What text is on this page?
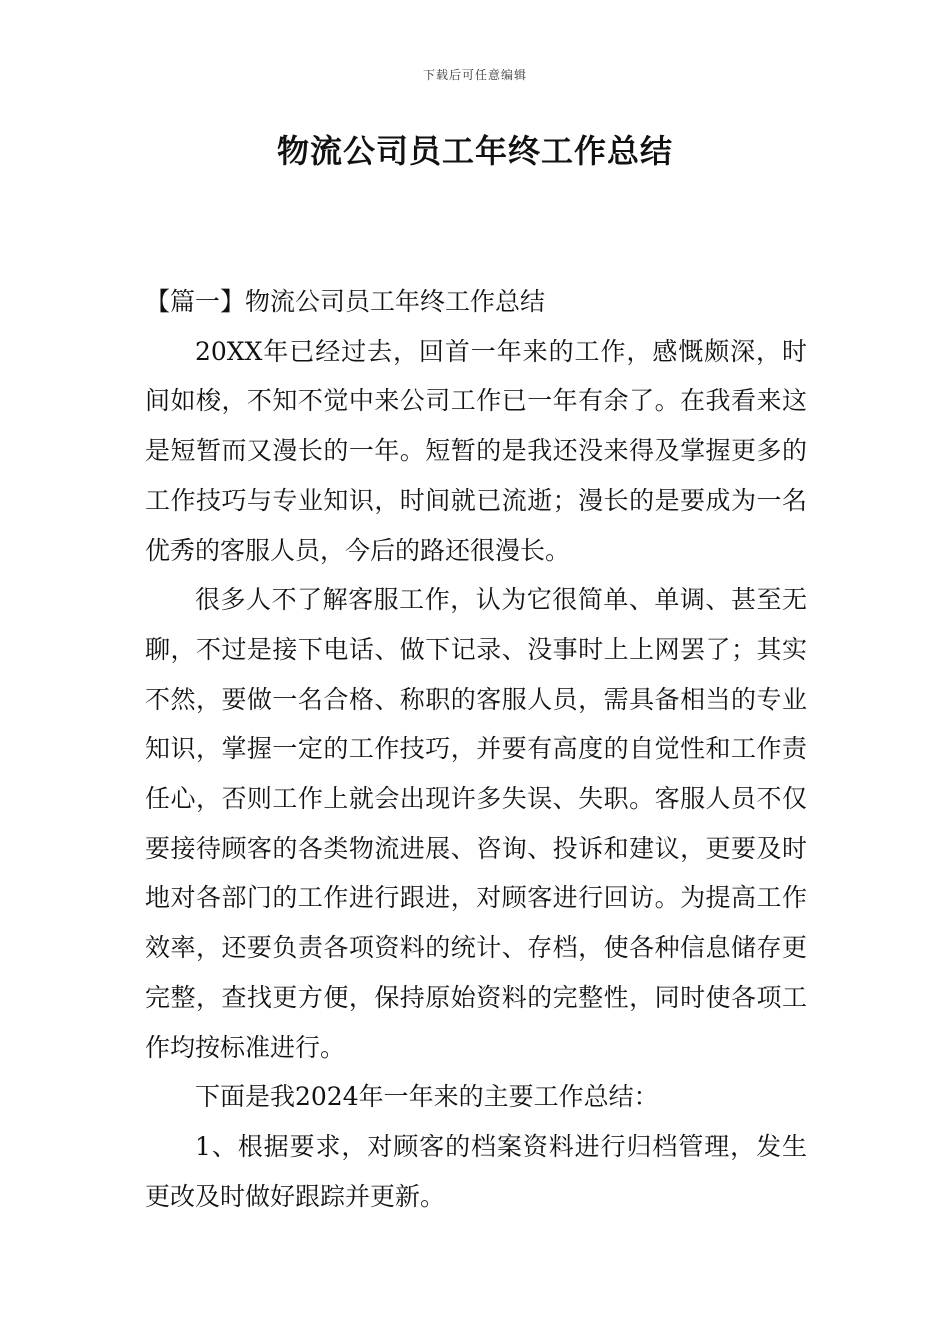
下载后可任意编辑
物流公司员工年终工作总结

【篇一】物流公司员工年终工作总结

20XX年已经过去，回首一年来的工作，感慨颇深，时间如梭，不知不觉中来公司工作已一年有余了。在我看来这是短暂而又漫长的一年。短暂的是我还没来得及掌握更多的工作技巧与专业知识，时间就已流逝；漫长的是要成为一名优秀的客服人员，今后的路还很漫长。

很多人不了解客服工作，认为它很简单、单调、甚至无聊，不过是接下电话、做下记录、没事时上上网罢了；其实不然，要做一名合格、称职的客服人员，需具备相当的专业知识，掌握一定的工作技巧，并要有高度的自觉性和工作责任心，否则工作上就会出现许多失误、失职。客服人员不仅要接待顾客的各类物流进展、咨询、投诉和建议，更要及时地对各部门的工作进行跟进，对顾客进行回访。为提高工作效率，还要负责各项资料的统计、存档，使各种信息储存更完整，查找更方便，保持原始资料的完整性，同时使各项工作均按标准进行。

下面是我2024年一年来的主要工作总结：

1、根据要求，对顾客的档案资料进行归档管理，发生更改及时做好跟踪并更新。
